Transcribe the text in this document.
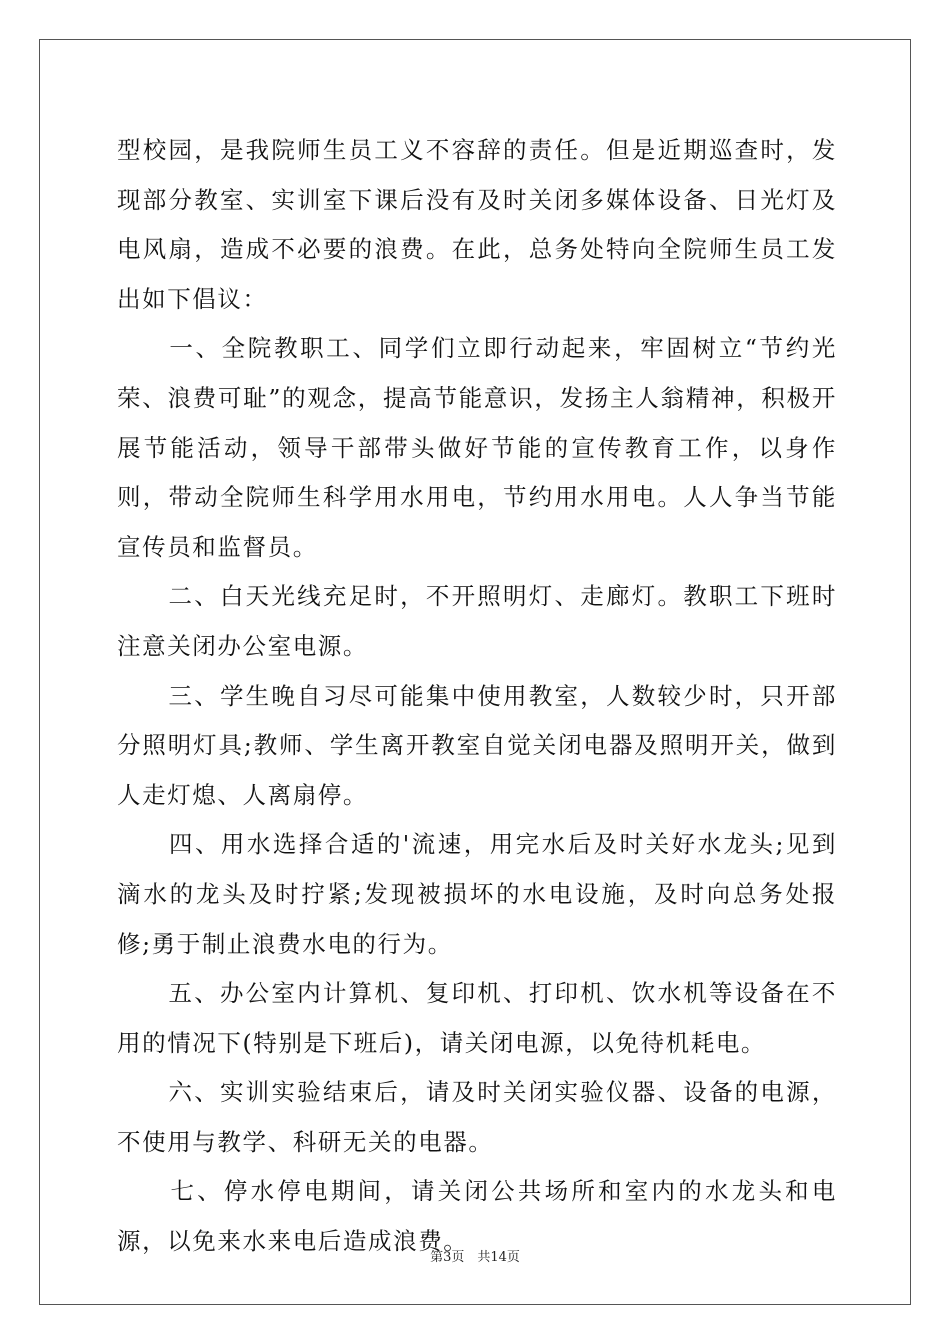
型校园，是我院师生员工义不容辞的责任。但是近期巡查时，发现部分教室、实训室下课后没有及时关闭多媒体设备、日光灯及电风扇，造成不必要的浪费。在此，总务处特向全院师生员工发出如下倡议：

　　一、全院教职工、同学们立即行动起来，牢固树立“节约光荣、浪费可耻”的观念，提高节能意识，发扬主人翁精神，积极开展节能活动，领导干部带头做好节能的宣传教育工作，以身作则，带动全院师生科学用水用电，节约用水用电。人人争当节能宣传员和监督员。

　　二、白天光线充足时，不开照明灯、走廊灯。教职工下班时注意关闭办公室电源。

　　三、学生晚自习尽可能集中使用教室，人数较少时，只开部分照明灯具;教师、学生离开教室自觉关闭电器及照明开关，做到人走灯熄、人离扇停。

　　四、用水选择合适的'流速，用完水后及时关好水龙头;见到滴水的龙头及时拧紧;发现被损坏的水电设施，及时向总务处报修;勇于制止浪费水电的行为。

　　五、办公室内计算机、复印机、打印机、饮水机等设备在不用的情况下(特别是下班后)，请关闭电源，以免待机耗电。

　　六、实训实验结束后，请及时关闭实验仪器、设备的电源，不使用与教学、科研无关的电器。

　　七、停水停电期间，请关闭公共场所和室内的水龙头和电源，以免来水来电后造成浪费。

第3页　共14页
